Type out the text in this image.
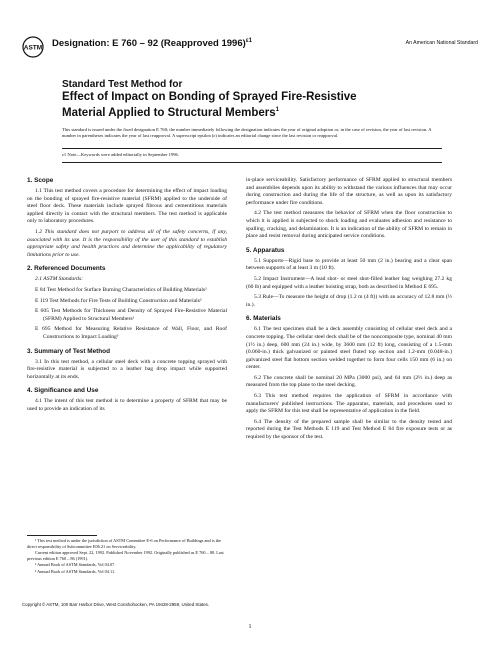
ASTM Designation: E 760 – 92 (Reapproved 1996)$^{\varepsilon 1}$	An American National Standard
Standard Test Method for
Effect of Impact on Bonding of Sprayed Fire-Resistive
Material Applied to Structural Members$^1$
This standard is issued under the fixed designation E 760; the number immediately following the designation indicates the year of original adoption or, in the case of revision, the year of last revision. A number in parentheses indicates the year of last reapproval. A superscript epsilon (ε) indicates an editorial change since the last revision or reapproval.
ε1 Note—Keywords were added editorially in September 1996.
1. Scope

1.1 This test method covers a procedure for determining the effect of impact loading on the bonding of sprayed fire-resistive material (SFRM) applied to the underside of steel floor deck. These materials include sprayed fibrous and cementitious materials applied directly in contact with the structural members. The test method is applicable only to laboratory procedures.

1.2 This standard does not purport to address all of the safety concerns, if any, associated with its use. It is the responsibility of the user of this standard to establish appropriate safety and health practices and determine the applicability of regulatory limitations prior to use.

2. Referenced Documents

2.1 ASTM Standards:

E 84 Test Method for Surface Burning Characteristics of Building Materials²

E 119 Test Methods for Fire Tests of Building Construction and Materials²

E 605 Test Methods for Thickness and Density of Sprayed Fire-Resistive Material (SFRM) Applied to Structural Members²

E 695 Method for Measuring Relative Resistance of Wall, Floor, and Roof Constructions to Impact Loading³

3. Summary of Test Method

3.1 In this test method, a cellular steel deck with a concrete topping sprayed with fire-resistive material is subjected to a leather bag drop impact while supported horizontally at its ends.

4. Significance and Use

4.1 The intent of this test method is to determine a property of SFRM that may be used to provide an indication of its

¹ This test method is under the jurisdiction of ASTM Committee E-6 on Performance of Buildings and is the direct responsibility of Subcommittee E06.21 on Serviceability.

Current edition approved Sept. 22, 1992. Published November 1992. Originally published as E 760 – 80. Last previous edition E 760 – 86 (1991).

² Annual Book of ASTM Standards, Vol 04.07.

³ Annual Book of ASTM Standards, Vol 04.11.

in-place serviceability. Satisfactory performance of SFRM applied to structural members and assemblies depends upon its ability to withstand the various influences that may occur during construction and during the life of the structure, as well as upon its satisfactory performance under fire conditions.

4.2 The test method measures the behavior of SFRM when the floor construction to which it is applied is subjected to shock loading and evaluates adhesion and resistance to spalling, cracking, and delamination. It is an indication of the ability of SFRM to remain in place and resist removal during anticipated service conditions.

5. Apparatus

5.1 Supports—Rigid base to provide at least 50 mm (2 in.) bearing and a clear span between supports of at least 3 m (10 ft).

5.2 Impact Instrument—A lead shot- or steel shot-filled leather bag weighing 27.2 kg (60 lb) and equipped with a leather hoisting strap, both as described in Method E 695.

5.3 Rule—To measure the height of drop (1.2 m (4 ft)) with an accuracy of 12.8 mm (½ in.).

6. Materials

6.1 The test specimen shall be a deck assembly consisting of cellular steel deck and a concrete topping. The cellular steel deck shall be of the noncomposite type, nominal 40 mm (1½ in.) deep, 600 mm (24 in.) wide, by 3600 mm (12 ft) long, consisting of a 1.5-mm (0.060-in.) thick galvanized or painted steel fluted top section and 1.2-mm (0.048-in.) galvanized steel flat bottom section welded together to form four cells 150 mm (6 in.) on center.

6.2 The concrete shall be nominal 20 MPa (3000 psi), and 64 mm (2½ in.) deep as measured from the top plane to the steel decking.

6.3 This test method requires the application of SFRM in accordance with manufacturers' published instructions. The apparatus, materials, and procedures used to apply the SFRM for this test shall be representative of application in the field.

6.4 The density of the prepared sample shall be similar to the density tested and reported during the Test Methods E 119 and Test Method E 84 fire exposure tests or as required by the sponsor of the test.

Copyright © ASTM, 100 Barr Harbor Drive, West Conshohocken, PA 19428-2959, United States.
1
